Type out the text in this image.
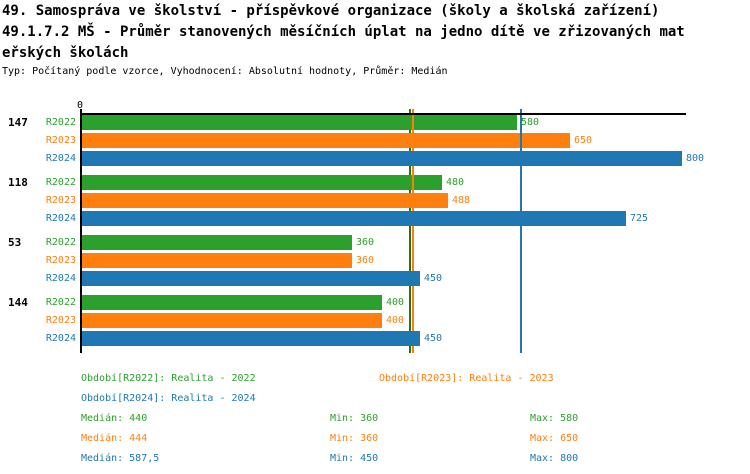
49. Samospráva ve školství - příspěvkové organizace (školy a školská zařízení)
49.1.7.2 MŠ - Průměr stanovených měsíčních úplat na jedno dítě ve zřizovaných mat
eřských školách
Typ: Počítaný podle vzorce, Vyhodnocení: Absolutní hodnoty, Průměr: Medián
0
147	R2022	580
R2023	650
R2024	800
118	R2022	480
R2023	488
R2024	725
53	R2022	360
R2023	360
R2024	450
144	R2022	400
R2023	400
R2024	450
Období[R2022]: Realita - 2022	Období[R2023]: Realita - 2023
Období[R2024]: Realita - 2024
Medián: 440	Min: 360	Max: 580
Medián: 444	Min: 360	Max: 650
Medián: 587,5	Min: 450	Max: 800
